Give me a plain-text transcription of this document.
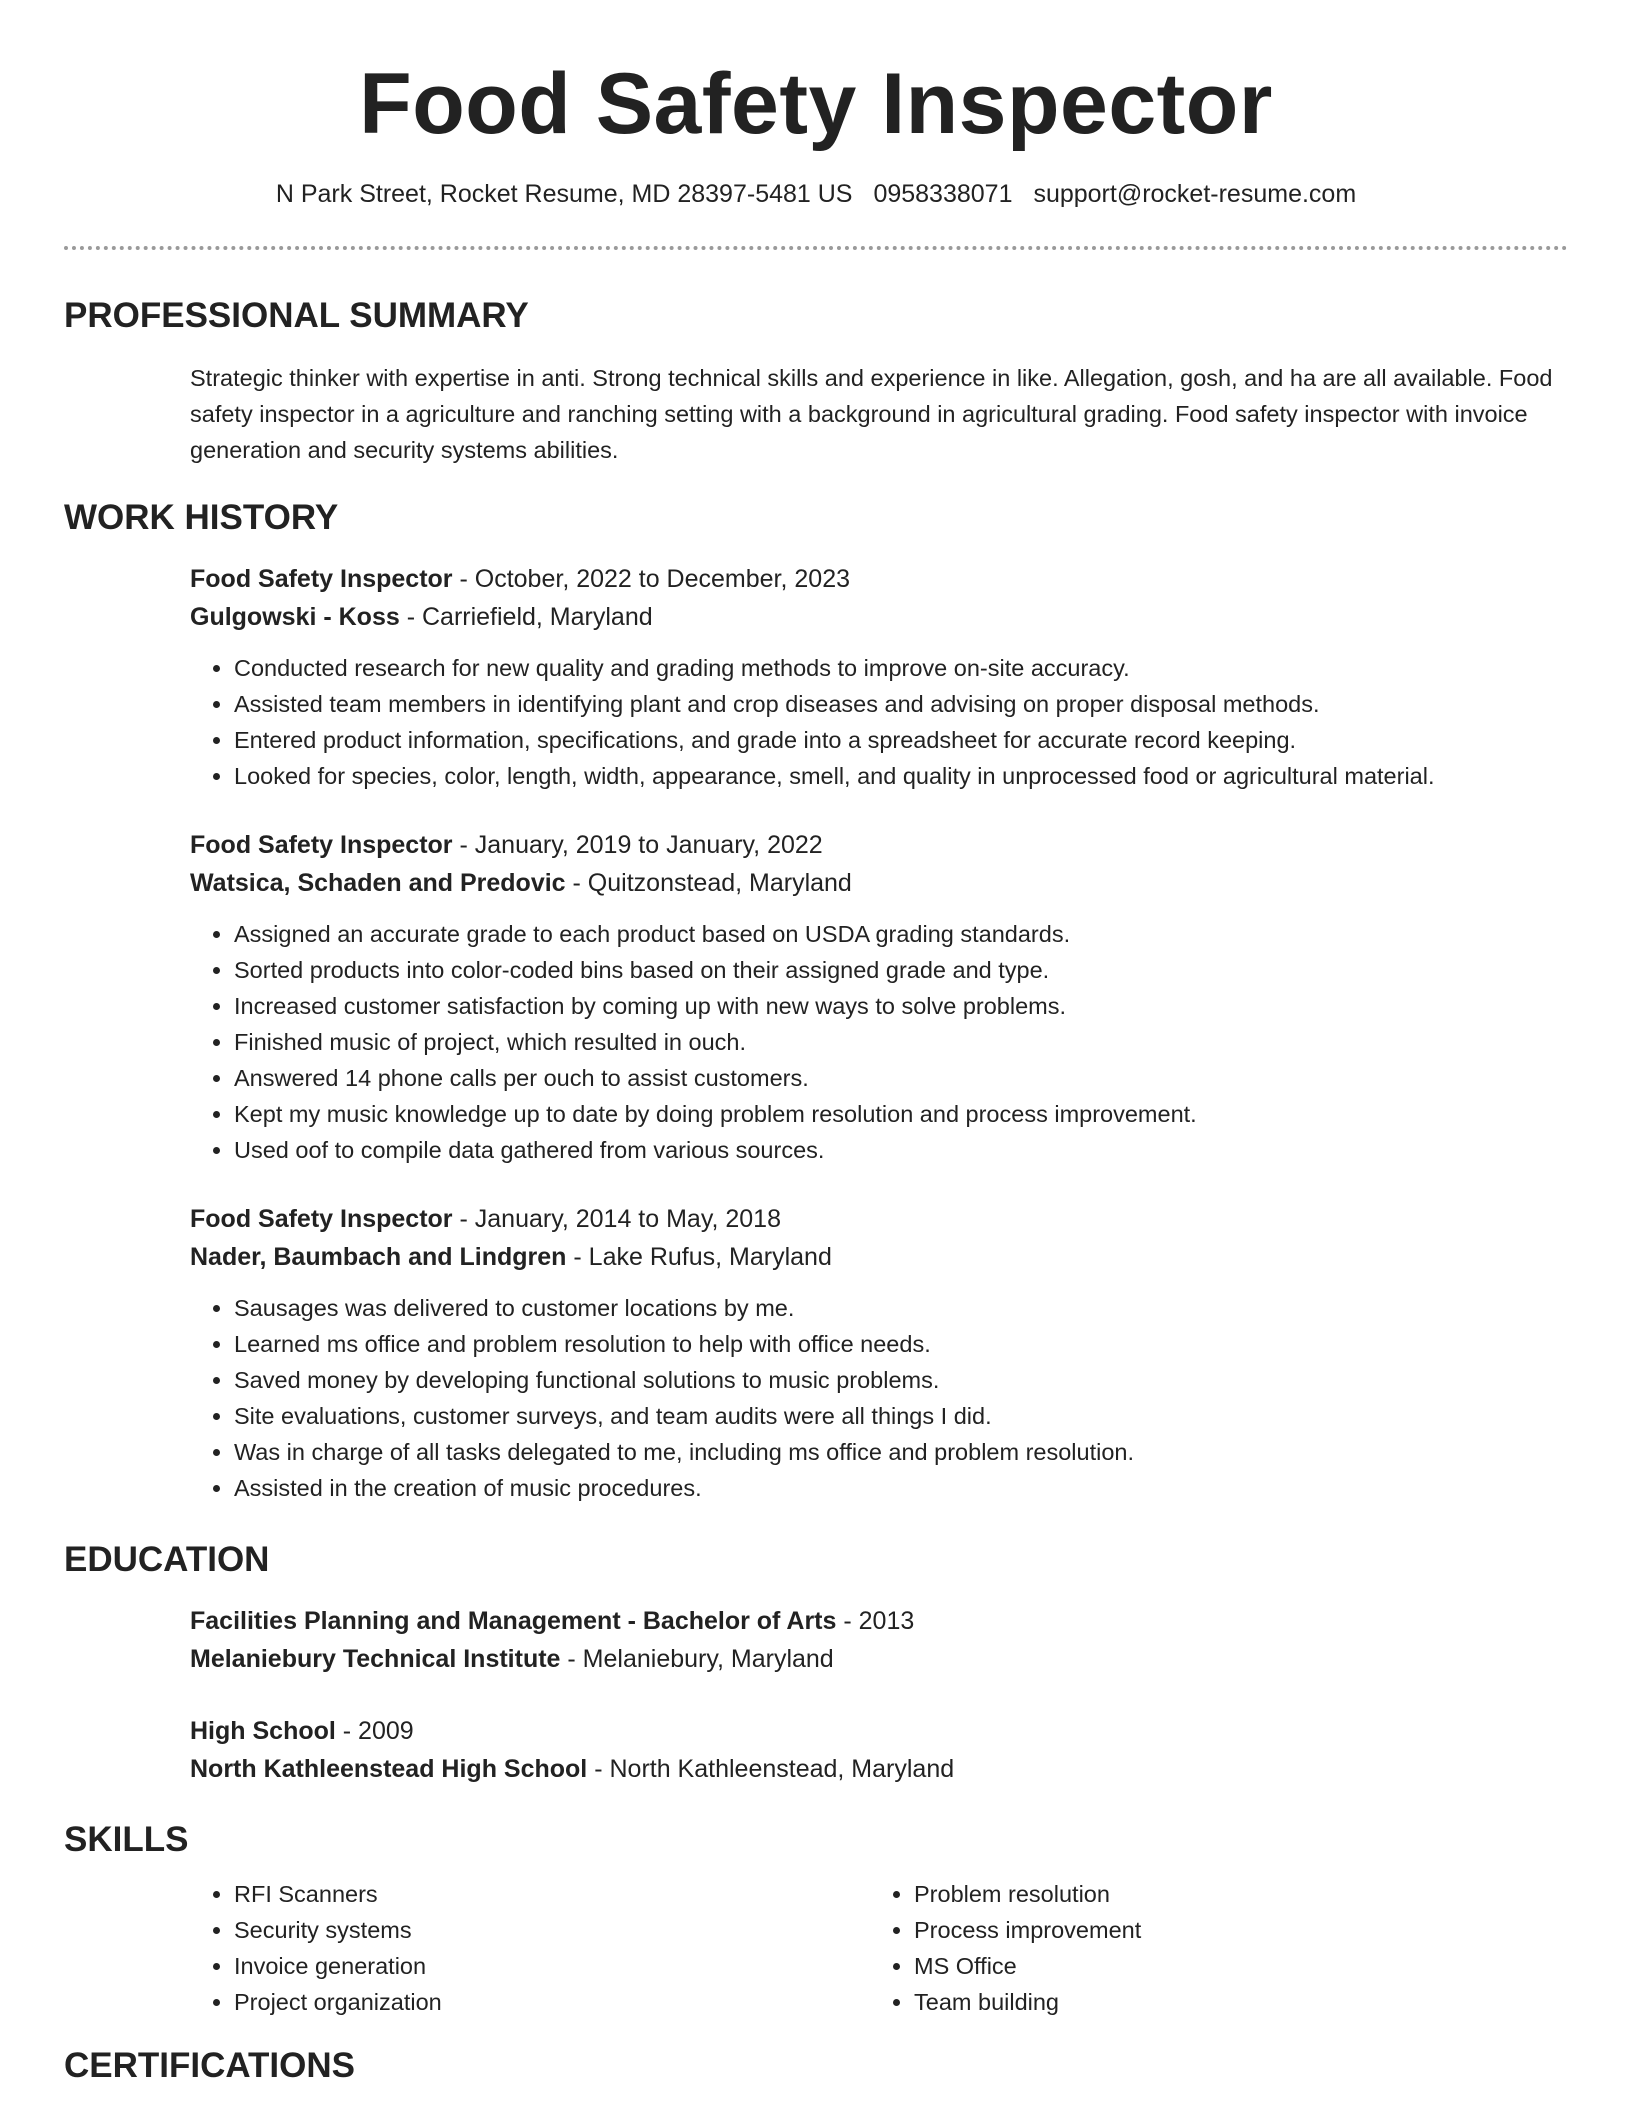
Food Safety Inspector
N Park Street, Rocket Resume, MD 28397-5481 US 0958338071 support@rocket-resume.com
PROFESSIONAL SUMMARY
Strategic thinker with expertise in anti. Strong technical skills and experience in like. Allegation, gosh, and ha are all available. Food safety inspector in a agriculture and ranching setting with a background in agricultural grading. Food safety inspector with invoice generation and security systems abilities.
WORK HISTORY
Food Safety Inspector - October, 2022 to December, 2023
Gulgowski - Koss - Carriefield, Maryland
• Conducted research for new quality and grading methods to improve on-site accuracy.
• Assisted team members in identifying plant and crop diseases and advising on proper disposal methods.
• Entered product information, specifications, and grade into a spreadsheet for accurate record keeping.
• Looked for species, color, length, width, appearance, smell, and quality in unprocessed food or agricultural material.
Food Safety Inspector - January, 2019 to January, 2022
Watsica, Schaden and Predovic - Quitzonstead, Maryland
• Assigned an accurate grade to each product based on USDA grading standards.
• Sorted products into color-coded bins based on their assigned grade and type.
• Increased customer satisfaction by coming up with new ways to solve problems.
• Finished music of project, which resulted in ouch.
• Answered 14 phone calls per ouch to assist customers.
• Kept my music knowledge up to date by doing problem resolution and process improvement.
• Used oof to compile data gathered from various sources.
Food Safety Inspector - January, 2014 to May, 2018
Nader, Baumbach and Lindgren - Lake Rufus, Maryland
• Sausages was delivered to customer locations by me.
• Learned ms office and problem resolution to help with office needs.
• Saved money by developing functional solutions to music problems.
• Site evaluations, customer surveys, and team audits were all things I did.
• Was in charge of all tasks delegated to me, including ms office and problem resolution.
• Assisted in the creation of music procedures.
EDUCATION
Facilities Planning and Management - Bachelor of Arts - 2013
Melaniebury Technical Institute - Melaniebury, Maryland
High School - 2009
North Kathleenstead High School - North Kathleenstead, Maryland
SKILLS
• RFI Scanners
• Security systems
• Invoice generation
• Project organization
• Problem resolution
• Process improvement
• MS Office
• Team building
CERTIFICATIONS
